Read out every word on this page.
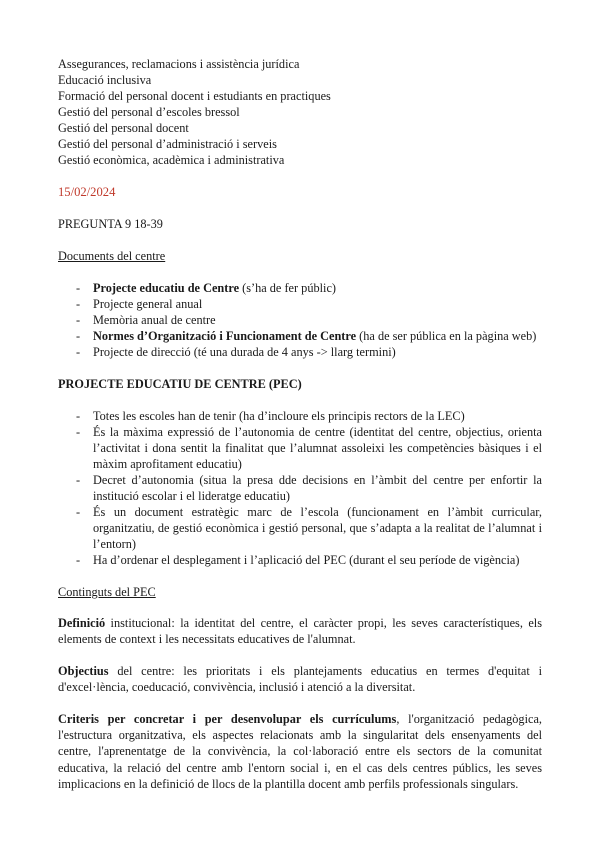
Assegurances, reclamacions i assistència jurídica
Educació inclusiva
Formació del personal docent i estudiants en practiques
Gestió del personal d’escoles bressol
Gestió del personal docent
Gestió del personal d’administració i serveis
Gestió econòmica, acadèmica i administrativa
15/02/2024
PREGUNTA 9 18-39
Documents del centre
- Projecte educatiu de Centre (s’ha de fer públic)
- Projecte general anual
- Memòria anual de centre
- Normes d’Organització i Funcionament de Centre (ha de ser pública en la pàgina web)
- Projecte de direcció (té una durada de 4 anys -> llarg termini)
PROJECTE EDUCATIU DE CENTRE (PEC)
- Totes les escoles han de tenir (ha d’incloure els principis rectors de la LEC)
- És la màxima expressió de l’autonomia de centre (identitat del centre, objectius, orienta l’activitat i dona sentit la finalitat que l’alumnat assoleixi les competències bàsiques i el màxim aprofitament educatiu)
- Decret d’autonomia (situa la presa dde decisions en l’àmbit del centre per enfortir la institució escolar i el lideratge educatiu)
- És un document estratègic marc de l’escola (funcionament en l’àmbit curricular, organitzatiu, de gestió econòmica i gestió personal, que s’adapta a la realitat de l’alumnat i l’entorn)
- Ha d’ordenar el desplegament i l’aplicació del PEC (durant el seu període de vigència)
Continguts del PEC
Definició institucional: la identitat del centre, el caràcter propi, les seves característiques, els elements de context i les necessitats educatives de l'alumnat.
Objectius del centre: les prioritats i els plantejaments educatius en termes d'equitat i d'excel·lència, coeducació, convivència, inclusió i atenció a la diversitat.
Criteris per concretar i per desenvolupar els currículums, l'organització pedagògica, l'estructura organitzativa, els aspectes relacionats amb la singularitat dels ensenyaments del centre, l'aprenentatge de la convivència, la col·laboració entre els sectors de la comunitat educativa, la relació del centre amb l'entorn social i, en el cas dels centres públics, les seves implicacions en la definició de llocs de la plantilla docent amb perfils professionals singulars.
